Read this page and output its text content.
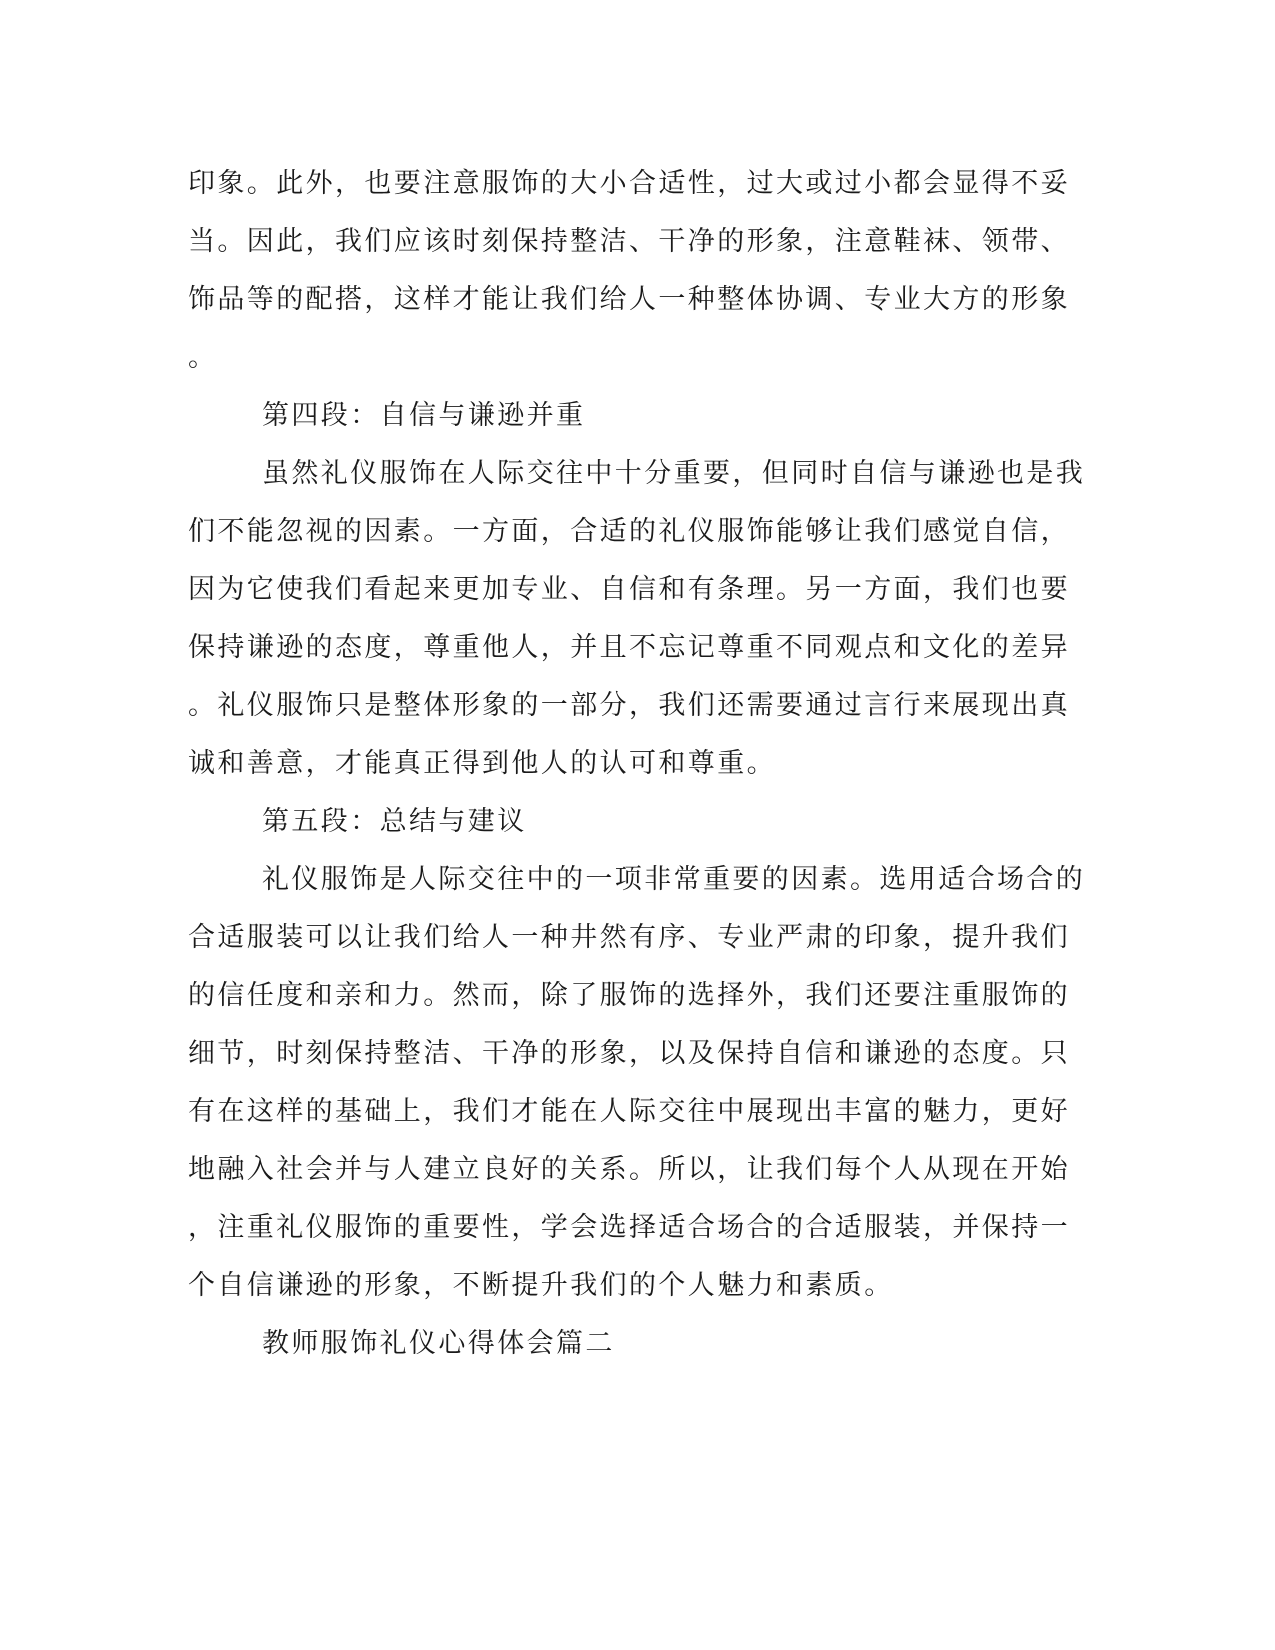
印象。此外，也要注意服饰的大小合适性，过大或过小都会显得不妥
当。因此，我们应该时刻保持整洁、干净的形象，注意鞋袜、领带、
饰品等的配搭，这样才能让我们给人一种整体协调、专业大方的形象
。
第四段：自信与谦逊并重
虽然礼仪服饰在人际交往中十分重要，但同时自信与谦逊也是我
们不能忽视的因素。一方面，合适的礼仪服饰能够让我们感觉自信，
因为它使我们看起来更加专业、自信和有条理。另一方面，我们也要
保持谦逊的态度，尊重他人，并且不忘记尊重不同观点和文化的差异
。礼仪服饰只是整体形象的一部分，我们还需要通过言行来展现出真
诚和善意，才能真正得到他人的认可和尊重。
第五段：总结与建议
礼仪服饰是人际交往中的一项非常重要的因素。选用适合场合的
合适服装可以让我们给人一种井然有序、专业严肃的印象，提升我们
的信任度和亲和力。然而，除了服饰的选择外，我们还要注重服饰的
细节，时刻保持整洁、干净的形象，以及保持自信和谦逊的态度。只
有在这样的基础上，我们才能在人际交往中展现出丰富的魅力，更好
地融入社会并与人建立良好的关系。所以，让我们每个人从现在开始
，注重礼仪服饰的重要性，学会选择适合场合的合适服装，并保持一
个自信谦逊的形象，不断提升我们的个人魅力和素质。
教师服饰礼仪心得体会篇二
